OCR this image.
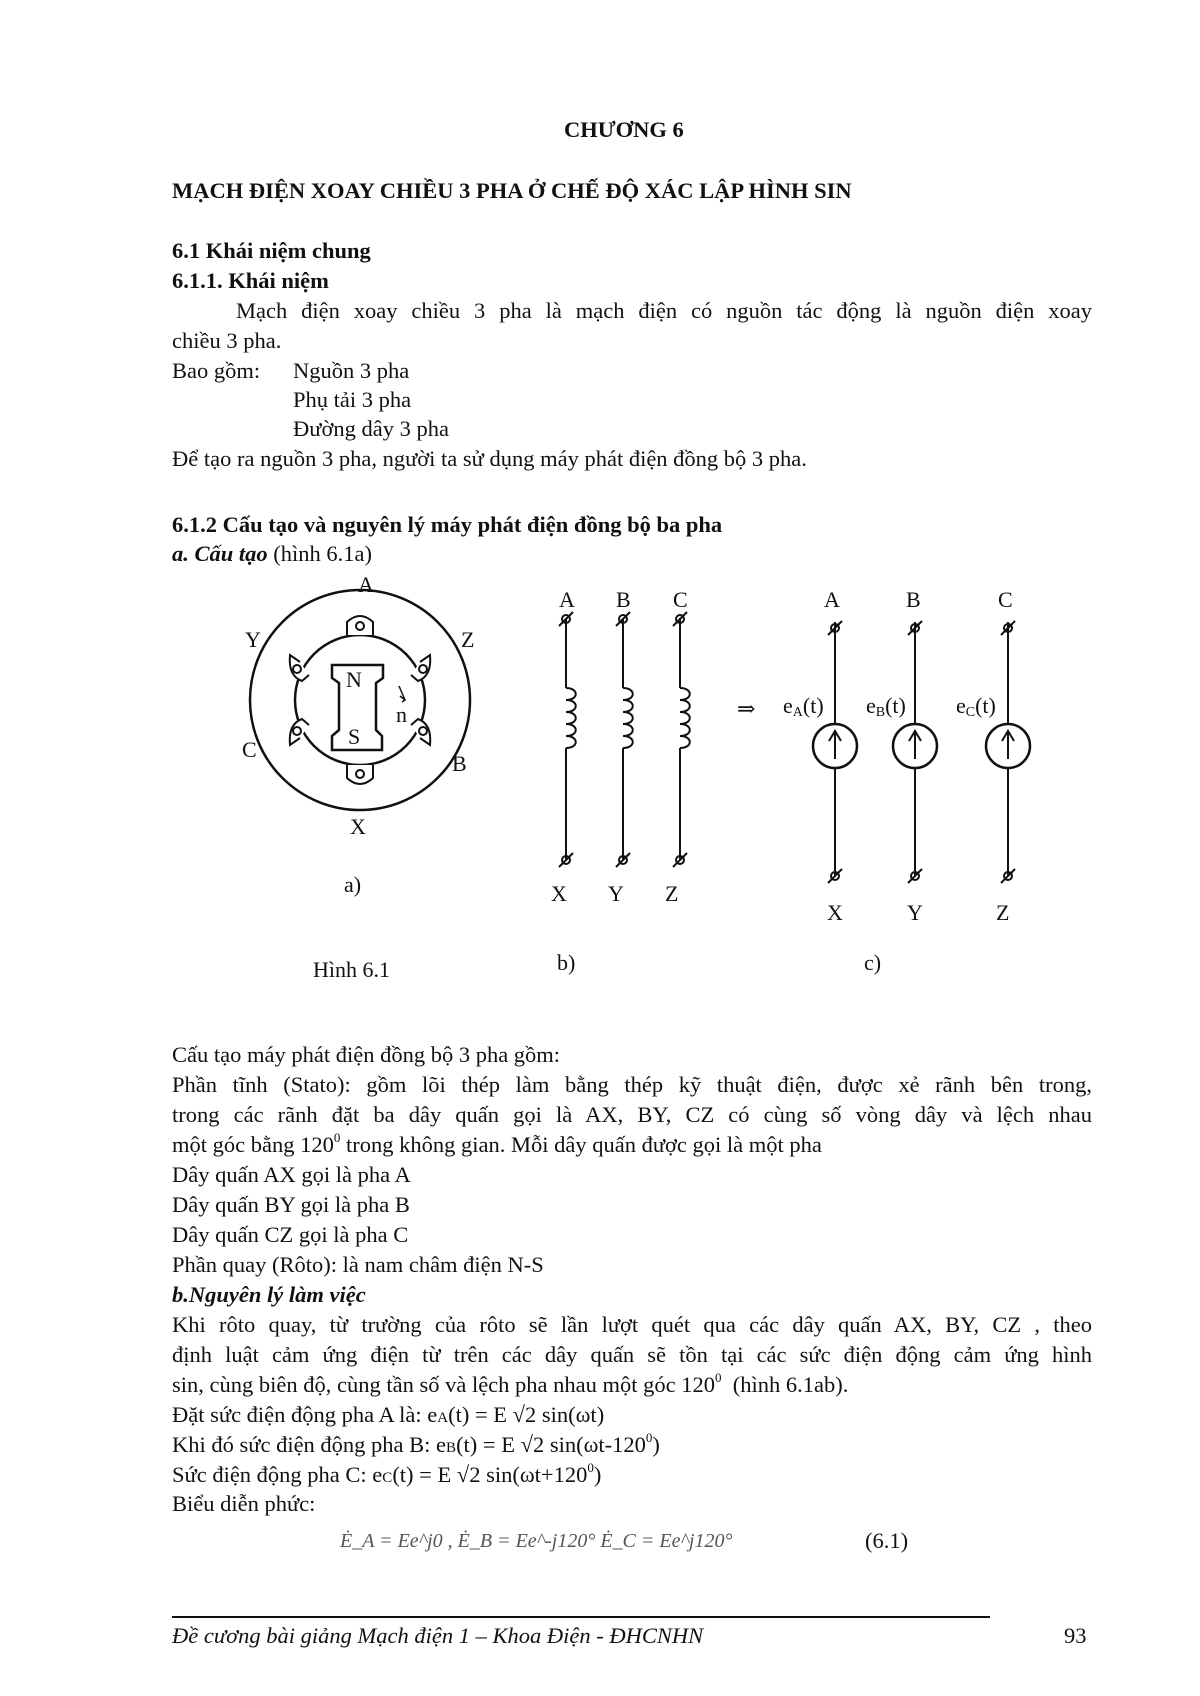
CHƯƠNG 6
MẠCH ĐIỆN XOAY CHIỀU 3 PHA Ở CHẾ ĐỘ XÁC LẬP HÌNH SIN
6.1 Khái niệm chung
6.1.1. Khái niệm
Mạch điện xoay chiều 3 pha là mạch điện có nguồn tác động là nguồn điện xoay
chiều 3 pha.
Bao gồm: Nguồn 3 pha
Phụ tải 3 pha
Đường dây 3 pha
Để tạo ra nguồn 3 pha, người ta sử dụng máy phát điện đồng bộ 3 pha.
6.1.2 Cấu tạo và nguyên lý máy phát điện đồng bộ ba pha
a. Cấu tạo (hình 6.1a)
N
S
n
A
B
C
X
Y	Z
a)
Hình 6.1
A B C
X Y Z
b)
⇒
A	B	C
X	Y	Z
eA(t) eB(t) eC(t)
c)
Cấu tạo máy phát điện đồng bộ 3 pha gồm:
Phần tĩnh (Stato): gồm lõi thép làm bằng thép kỹ thuật điện, được xẻ rãnh bên trong,
trong các rãnh đặt ba dây quấn gọi là AX, BY, CZ có cùng số vòng dây và lệch nhau
một góc bằng $120^0$ trong không gian. Mỗi dây quấn được gọi là một pha
Dây quấn AX gọi là pha A
Dây quấn BY gọi là pha B
Dây quấn CZ gọi là pha C
Phần quay (Rôto): là nam châm điện N-S
b.Nguyên lý làm việc
Khi rôto quay, từ trường của rôto sẽ lần lượt quét qua các dây quấn AX, BY, CZ , theo
định luật cảm ứng điện từ trên các dây quấn sẽ tồn tại các sức điện động cảm ứng hình
sin, cùng biên độ, cùng tần số và lệch pha nhau một góc $120^0$  (hình 6.1ab).
Đặt sức điện động pha A là: eA(t) = E √2 sin(ωt)
Khi đó sức điện động pha B: eB(t) = E √2 $\sin(\omega t-120^0)$
Sức điện động pha C: eC(t) = E √2 $\sin(\omega t+120^0)$
Biểu diễn phức:
Ė_A = Ee^j0 , Ė_B = Ee^-j120° Ė_C = Ee^j120°	(6.1)
Đề cương bài giảng Mạch điện 1 – Khoa Điện - ĐHCNHN	93
